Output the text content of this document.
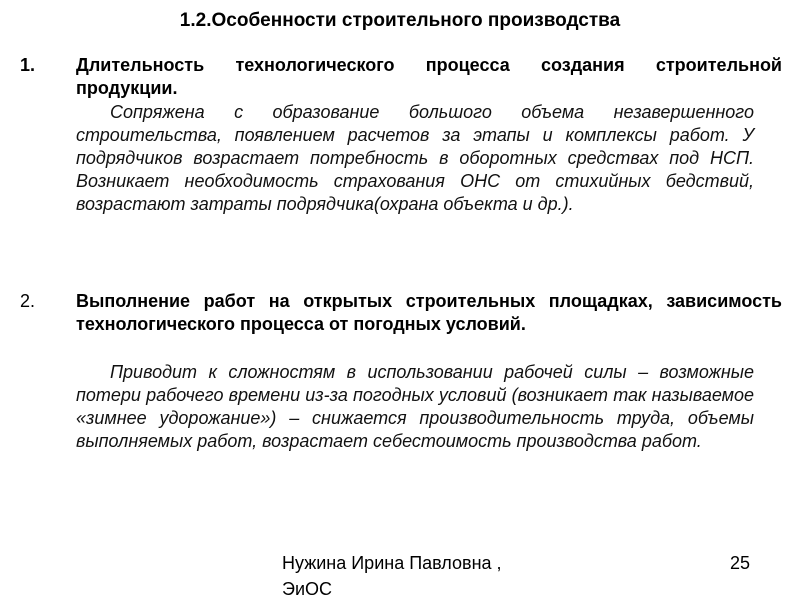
1.2.Особенности строительного производства

1. Длительность технологического процесса создания строительной продукции.

Сопряжена с образование большого объема незавершенного строительства, появлением расчетов за этапы и комплексы работ. У подрядчиков возрастает потребность в оборотных средствах под НСП. Возникает необходимость страхования ОНС от стихийных бедствий, возрастают затраты подрядчика(охрана объекта и др.).

2. Выполнение работ на открытых строительных площадках, зависимость технологического процесса от погодных условий.

Приводит к сложностям в использовании рабочей силы – возможные потери рабочего времени из-за погодных условий (возникает так называемое «зимнее удорожание») – снижается производительность труда, объемы выполняемых работ, возрастает себестоимость производства работ.

Нужина Ирина Павловна , ЭиОС

25
